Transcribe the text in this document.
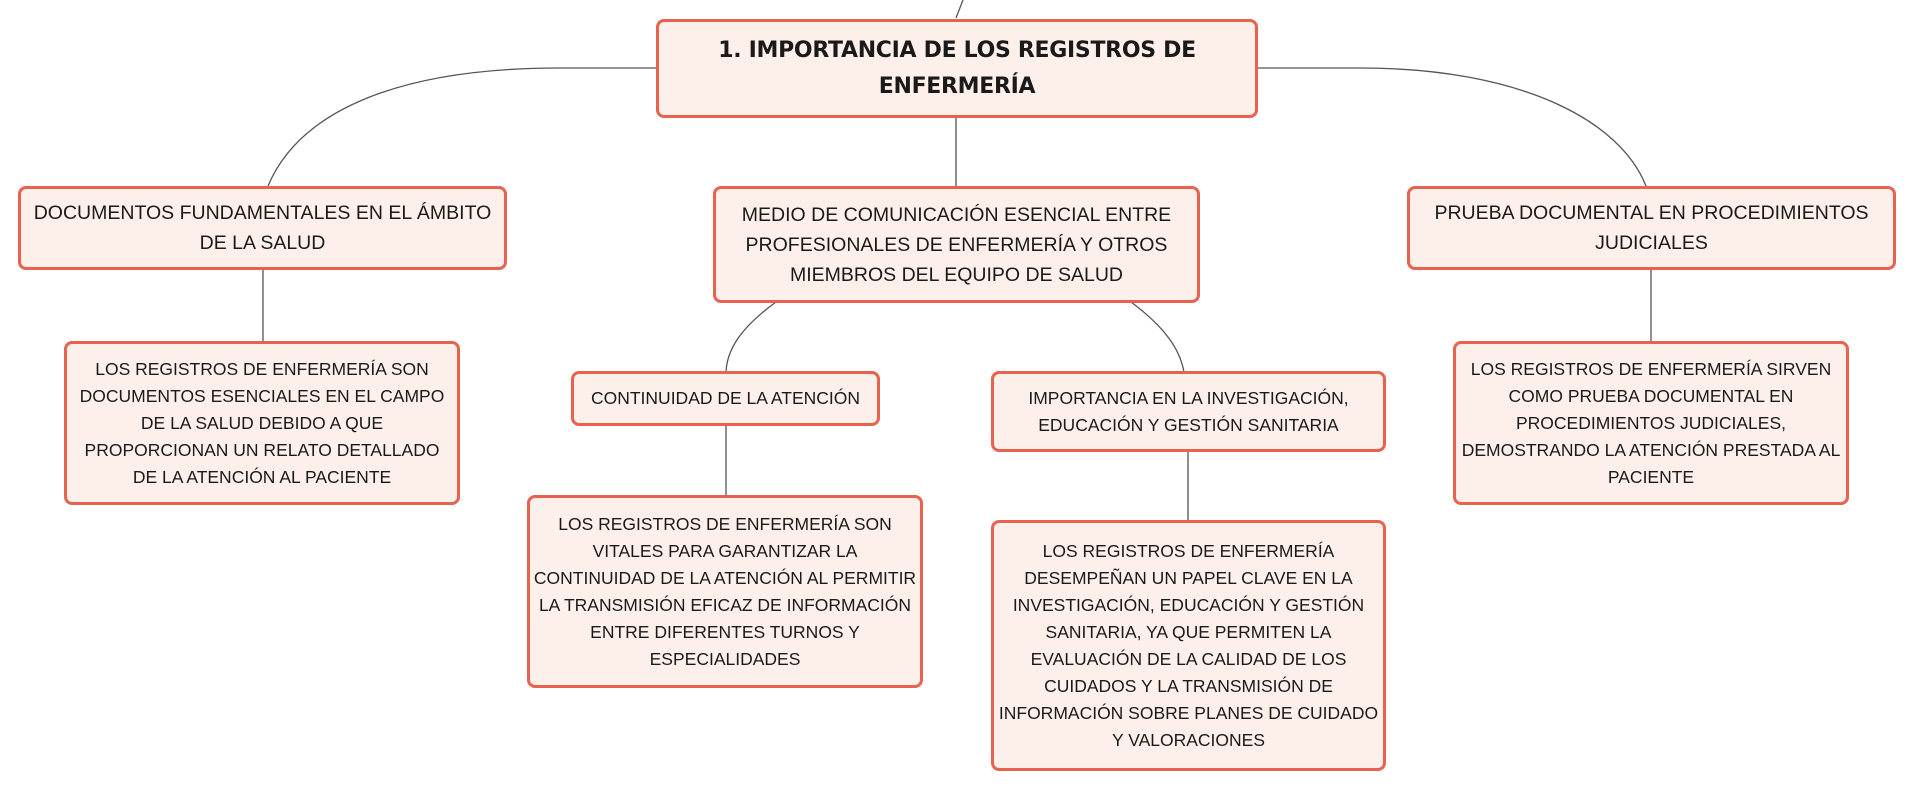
1. IMPORTANCIA DE LOS REGISTROS DE ENFERMERÍA
DOCUMENTOS FUNDAMENTALES EN EL ÁMBITO DE LA SALUD
MEDIO DE COMUNICACIÓN ESENCIAL ENTRE PROFESIONALES DE ENFERMERÍA Y OTROS MIEMBROS DEL EQUIPO DE SALUD
PRUEBA DOCUMENTAL EN PROCEDIMIENTOS JUDICIALES
LOS REGISTROS DE ENFERMERÍA SON DOCUMENTOS ESENCIALES EN EL CAMPO DE LA SALUD DEBIDO A QUE PROPORCIONAN UN RELATO DETALLADO DE LA ATENCIÓN AL PACIENTE
CONTINUIDAD DE LA ATENCIÓN	IMPORTANCIA EN LA INVESTIGACIÓN, EDUCACIÓN Y GESTIÓN SANITARIA
LOS REGISTROS DE ENFERMERÍA SON VITALES PARA GARANTIZAR LA CONTINUIDAD DE LA ATENCIÓN AL PERMITIR LA TRANSMISIÓN EFICAZ DE INFORMACIÓN ENTRE DIFERENTES TURNOS Y ESPECIALIDADES
LOS REGISTROS DE ENFERMERÍA DESEMPEÑAN UN PAPEL CLAVE EN LA INVESTIGACIÓN, EDUCACIÓN Y GESTIÓN SANITARIA, YA QUE PERMITEN LA EVALUACIÓN DE LA CALIDAD DE LOS CUIDADOS Y LA TRANSMISIÓN DE INFORMACIÓN SOBRE PLANES DE CUIDADO Y VALORACIONES
LOS REGISTROS DE ENFERMERÍA SIRVEN COMO PRUEBA DOCUMENTAL EN PROCEDIMIENTOS JUDICIALES, DEMOSTRANDO LA ATENCIÓN PRESTADA AL PACIENTE
